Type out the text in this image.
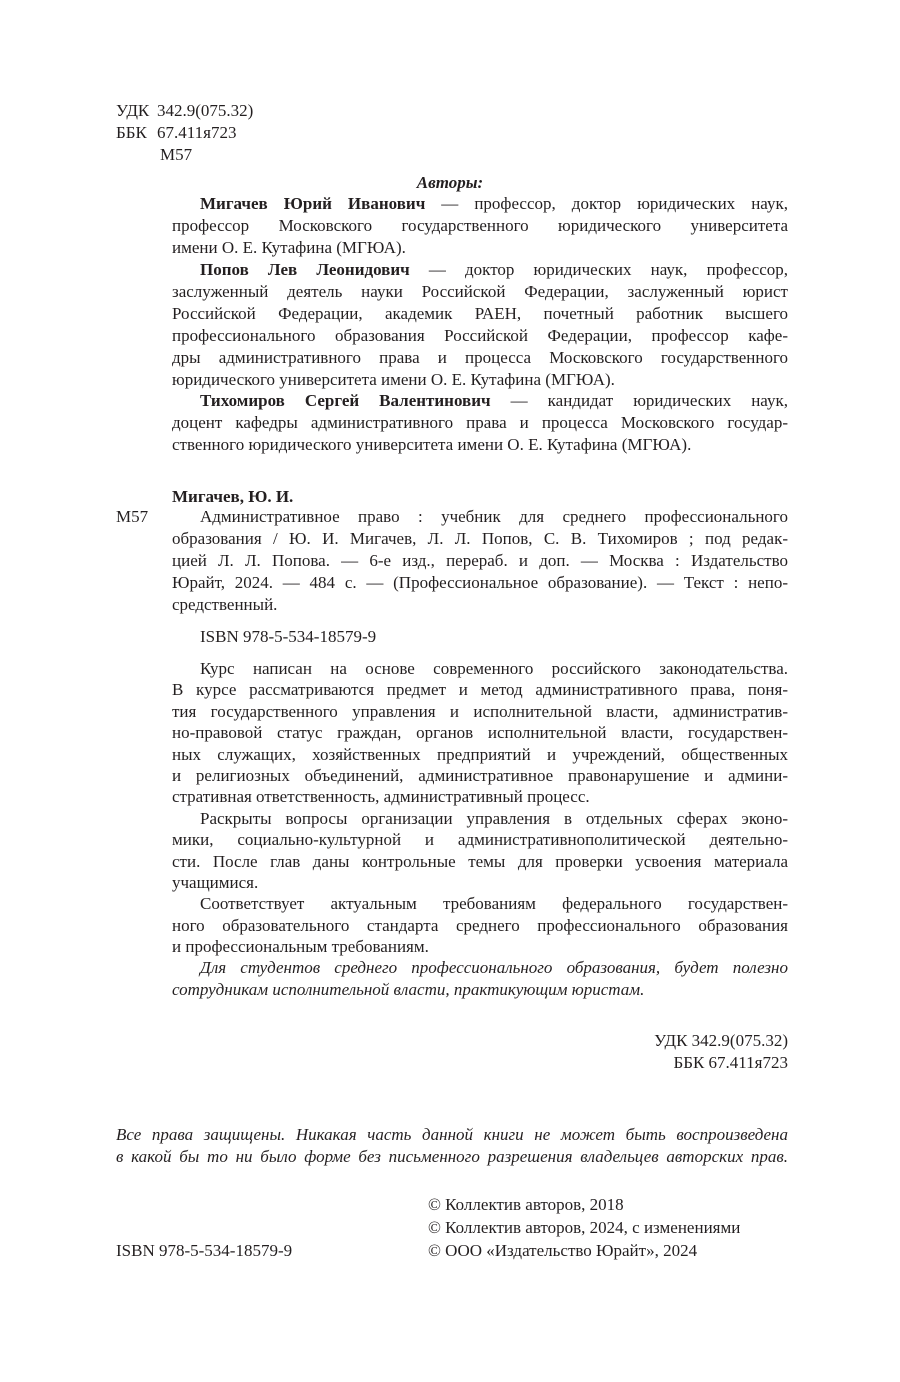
УДК 342.9(075.32)
ББК 67.411я723
М57
Авторы:
Мигачев Юрий Иванович — профессор, доктор юридических наук,
профессор Московского государственного юридического университета
имени О. Е. Кутафина (МГЮА).
Попов Лев Леонидович — доктор юридических наук, профессор,
заслуженный деятель науки Российской Федерации, заслуженный юрист
Российской Федерации, академик РАЕН, почетный работник высшего
профессионального образования Российской Федерации, профессор кафе-
дры административного права и процесса Московского государственного
юридического университета имени О. Е. Кутафина (МГЮА).
Тихомиров Сергей Валентинович — кандидат юридических наук,
доцент кафедры административного права и процесса Московского государ-
ственного юридического университета имени О. Е. Кутафина (МГЮА).
Мигачев, Ю. И.
М57	Административное право : учебник для среднего профессионального
образования / Ю. И. Мигачев, Л. Л. Попов, С. В. Тихомиров ; под редак-
цией Л. Л. Попова. — 6-е изд., перераб. и доп. — Москва : Издательство
Юрайт, 2024. — 484 с. — (Профессиональное образование). — Текст : непо-
средственный.
ISBN 978-5-534-18579-9
Курс написан на основе современного российского законодательства.
В курсе рассматриваются предмет и метод административного права, поня-
тия государственного управления и исполнительной власти, административ-
но-правовой статус граждан, органов исполнительной власти, государствен-
ных служащих, хозяйственных предприятий и учреждений, общественных
и религиозных объединений, административное правонарушение и админи-
стративная ответственность, административный процесс.
Раскрыты вопросы организации управления в отдельных сферах эконо-
мики, социально-культурной и административнополитической деятельно-
сти. После глав даны контрольные темы для проверки усвоения материала
учащимися.
Соответствует актуальным требованиям федерального государствен-
ного образовательного стандарта среднего профессионального образования
и профессиональным требованиям.
Для студентов среднего профессионального образования, будет полезно
сотрудникам исполнительной власти, практикующим юристам.
УДК 342.9(075.32)
ББК 67.411я723
Все права защищены. Никакая часть данной книги не может быть воспроизведена
в какой бы то ни было форме без письменного разрешения владельцев авторских прав.
© Коллектив авторов, 2018
© Коллектив авторов, 2024, с изменениями
© ООО «Издательство Юрайт», 2024
ISBN 978-5-534-18579-9
